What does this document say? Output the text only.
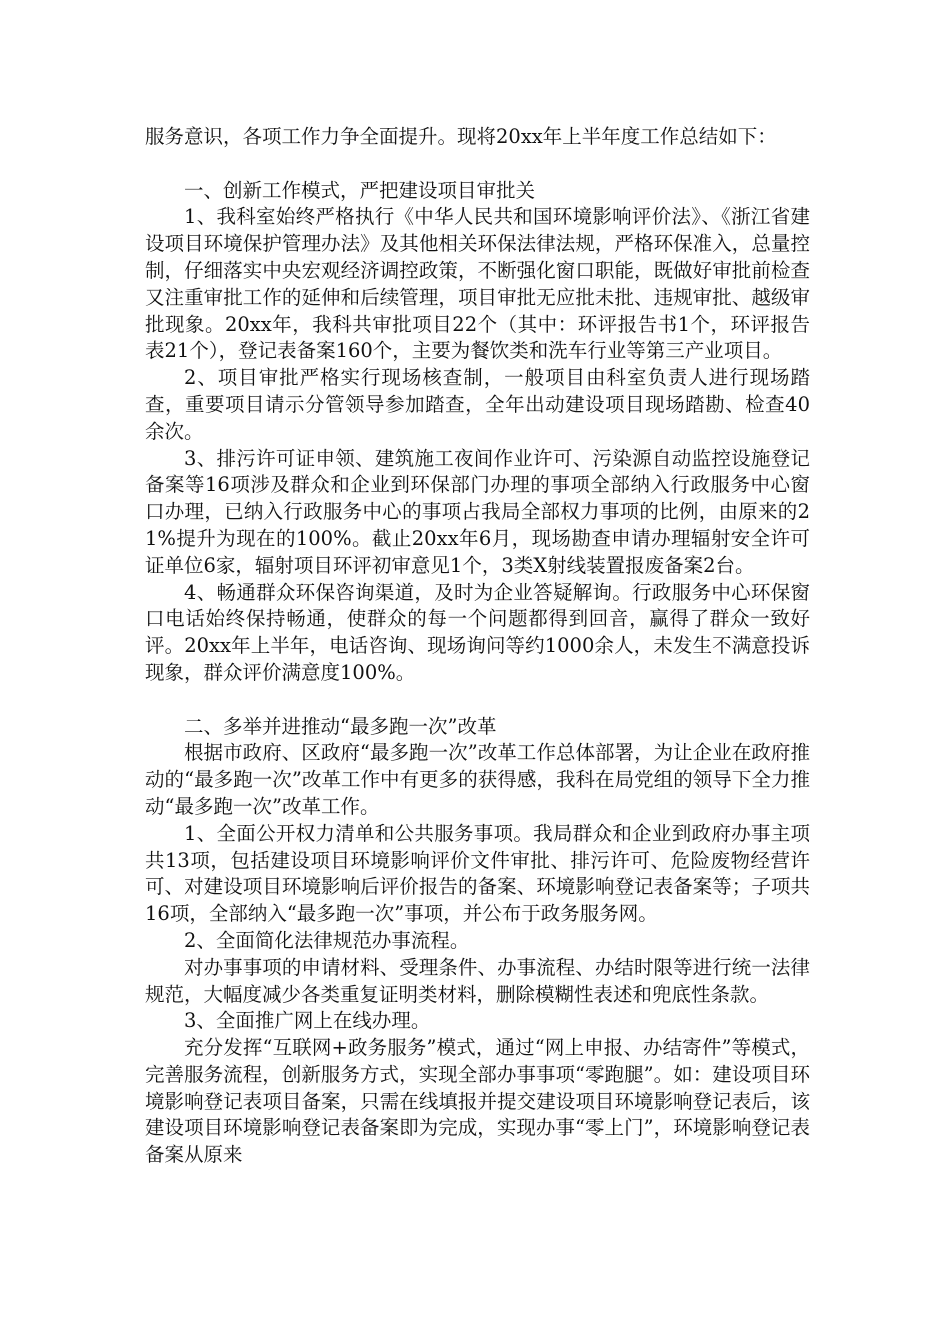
服务意识，各项工作力争全面提升。现将20xx年上半年度工作总结如下：

一、创新工作模式，严把建设项目审批关

1、我科室始终严格执行《中华人民共和国环境影响评价法》、《浙江省建设项目环境保护管理办法》及其他相关环保法律法规，严格环保准入，总量控制，仔细落实中央宏观经济调控政策，不断强化窗口职能，既做好审批前检查又注重审批工作的延伸和后续管理，项目审批无应批未批、违规审批、越级审批现象。20xx年，我科共审批项目22个（其中：环评报告书1个，环评报告表21个），登记表备案160个，主要为餐饮类和洗车行业等第三产业项目。

2、项目审批严格实行现场核查制，一般项目由科室负责人进行现场踏查，重要项目请示分管领导参加踏查，全年出动建设项目现场踏勘、检查40余次。

3、排污许可证申领、建筑施工夜间作业许可、污染源自动监控设施登记备案等16项涉及群众和企业到环保部门办理的事项全部纳入行政服务中心窗口办理，已纳入行政服务中心的事项占我局全部权力事项的比例，由原来的21%提升为现在的100%。截止20xx年6月，现场勘查申请办理辐射安全许可证单位6家，辐射项目环评初审意见1个，3类X射线装置报废备案2台。

4、畅通群众环保咨询渠道，及时为企业答疑解询。行政服务中心环保窗口电话始终保持畅通，使群众的每一个问题都得到回音，赢得了群众一致好评。20xx年上半年，电话咨询、现场询问等约1000余人，未发生不满意投诉现象，群众评价满意度100%。

二、多举并进推动“最多跑一次”改革

根据市政府、区政府“最多跑一次”改革工作总体部署，为让企业在政府推动的“最多跑一次”改革工作中有更多的获得感，我科在局党组的领导下全力推动“最多跑一次”改革工作。

1、全面公开权力清单和公共服务事项。我局群众和企业到政府办事主项共13项，包括建设项目环境影响评价文件审批、排污许可、危险废物经营许可、对建设项目环境影响后评价报告的备案、环境影响登记表备案等；子项共16项，全部纳入“最多跑一次”事项，并公布于政务服务网。

2、全面简化法律规范办事流程。

对办事事项的申请材料、受理条件、办事流程、办结时限等进行统一法律规范，大幅度减少各类重复证明类材料，删除模糊性表述和兜底性条款。

3、全面推广网上在线办理。

充分发挥“互联网+政务服务”模式，通过“网上申报、办结寄件”等模式，完善服务流程，创新服务方式，实现全部办事事项“零跑腿”。如：建设项目环境影响登记表项目备案，只需在线填报并提交建设项目环境影响登记表后，该建设项目环境影响登记表备案即为完成，实现办事“零上门”，环境影响登记表备案从原来
